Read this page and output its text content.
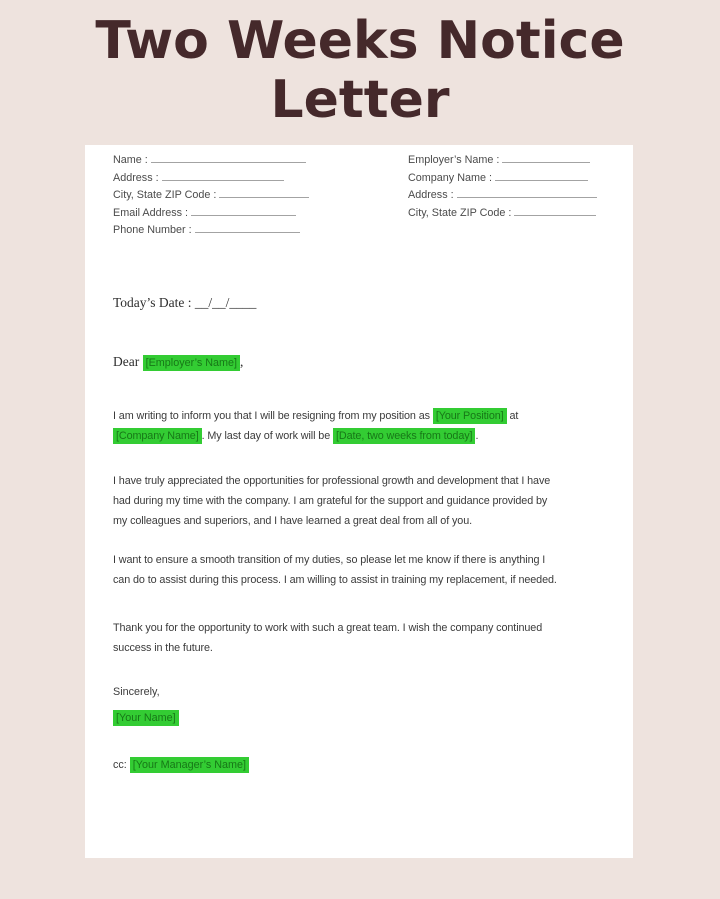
Two Weeks Notice
Letter
Name :
Address :
City, State ZIP Code :
Email Address :
Phone Number :
Employer’s Name :
Company Name :
Address :
City, State ZIP Code :
Today’s Date : __/__/____
Dear [Employer’s Name] ,
I am writing to inform you that I will be resigning from my position as [Your Position] at
[Company Name] . My last day of work will be [Date, two weeks from today] .
I have truly appreciated the opportunities for professional growth and development that I have
had during my time with the company. I am grateful for the support and guidance provided by
my colleagues and superiors, and I have learned a great deal from all of you.
I want to ensure a smooth transition of my duties, so please let me know if there is anything I
can do to assist during this process. I am willing to assist in training my replacement, if needed.
Thank you for the opportunity to work with such a great team. I wish the company continued
success in the future.
Sincerely,
[Your Name]
cc: [Your Manager’s Name]
